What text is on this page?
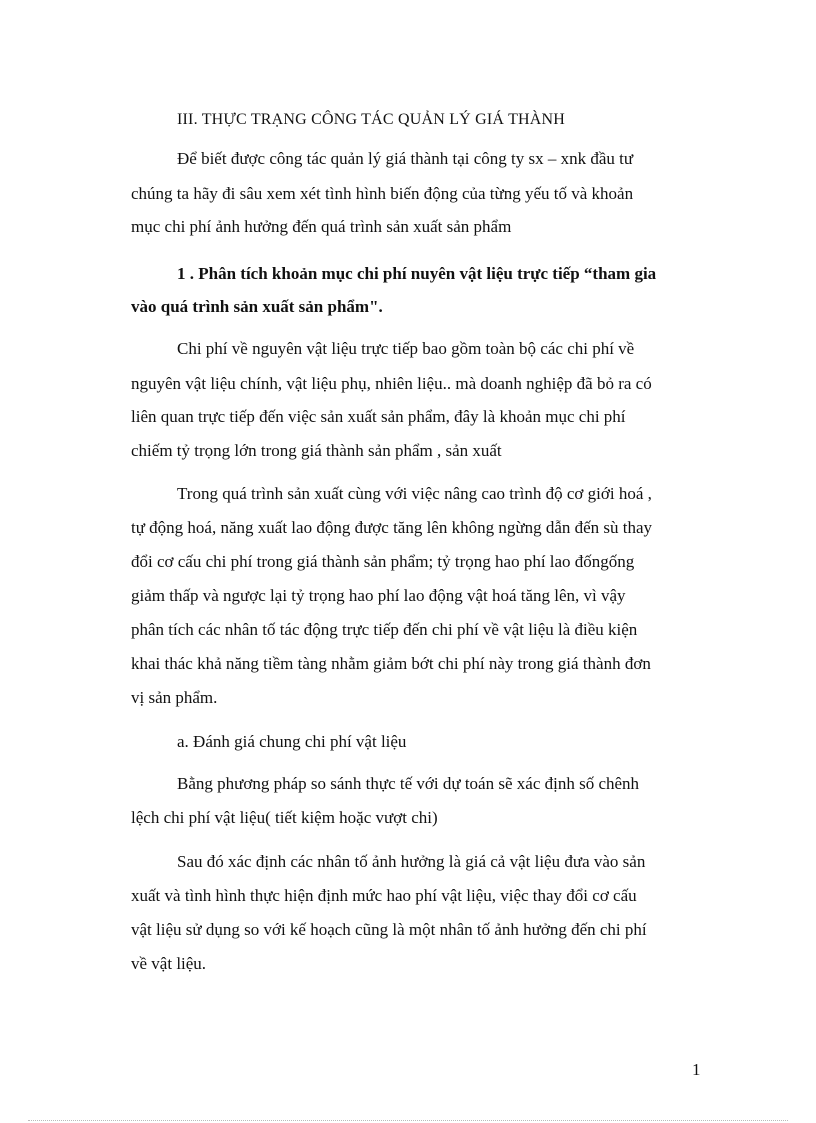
III. THỰC TRẠNG CÔNG TÁC QUẢN LÝ GIÁ THÀNH
Để biết được công tác quản lý giá thành tại công ty sx – xnk đầu tư
chúng ta hãy đi sâu xem xét tình hình biến động của từng yếu tố và khoản
mục chi phí ảnh hưởng đến quá trình sản xuất sản phẩm
1 . Phân tích khoản mục chi phí nuyên vật liệu trực tiếp “tham gia
vào quá trình sản xuất sản phẩm".
Chi phí về nguyên vật liệu trực tiếp bao gồm toàn bộ các chi phí về
nguyên vật liệu chính, vật liệu phụ, nhiên liệu.. mà doanh nghiệp đã bỏ ra có
liên quan trực tiếp đến việc sản xuất sản phẩm, đây là khoản mục chi phí
chiếm tỷ trọng lớn trong giá thành sản phẩm , sản xuất
Trong quá trình sản xuất cùng với việc nâng cao trình độ cơ giới hoá ,
tự động hoá, năng xuất lao động được tăng lên không ngừng dẫn đến sù thay
đổi cơ cấu chi phí trong giá thành sản phẩm; tỷ trọng hao phí lao đốngống
giảm thấp và ngược lại tỷ trọng hao phí lao động vật hoá tăng lên, vì vậy
phân tích các nhân tố tác động trực tiếp đến chi phí về vật liệu là điều kiện
khai thác khả năng tiềm tàng nhằm giảm bớt chi phí này trong giá thành đơn
vị sản phẩm.
a. Đánh giá chung chi phí vật liệu
Bằng phương pháp so sánh thực tế với dự toán sẽ xác định số chênh
lệch chi phí vật liệu( tiết kiệm hoặc vượt chi)
Sau đó xác định các nhân tố ảnh hưởng là giá cả vật liệu đưa vào sản
xuất và tình hình thực hiện định mức hao phí vật liệu, việc thay đổi cơ cấu
vật liệu sử dụng so với kế hoạch cũng là một nhân tố ảnh hưởng đến chi phí
về vật liệu.
1
